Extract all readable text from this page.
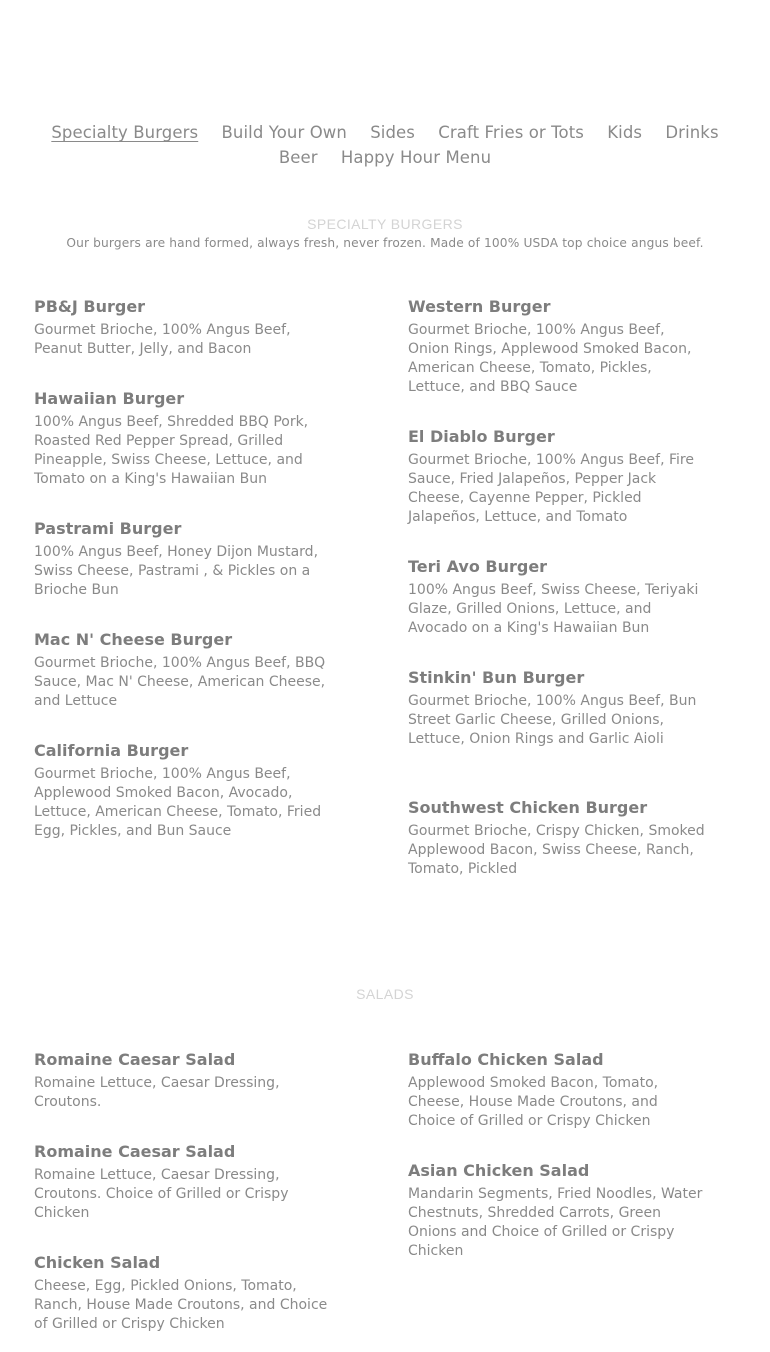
Specialty Burgers Build Your Own Sides Craft Fries or Tots Kids Drinks
Beer Happy Hour Menu
SPECIALTY BURGERS
Our burgers are hand formed, always fresh, never frozen. Made of 100% USDA top choice angus beef.
PB&J Burger

Gourmet Brioche, 100% Angus Beef, Peanut Butter, Jelly, and Bacon

Hawaiian Burger

100% Angus Beef, Shredded BBQ Pork, Roasted Red Pepper Spread, Grilled Pineapple, Swiss Cheese, Lettuce, and Tomato on a King's Hawaiian Bun

Pastrami Burger

100% Angus Beef, Honey Dijon Mustard, Swiss Cheese, Pastrami , & Pickles on a Brioche Bun

Mac N' Cheese Burger

Gourmet Brioche, 100% Angus Beef, BBQ Sauce, Mac N' Cheese, American Cheese, and Lettuce

California Burger

Gourmet Brioche, 100% Angus Beef, Applewood Smoked Bacon, Avocado, Lettuce, American Cheese, Tomato, Fried Egg, Pickles, and Bun Sauce

Western Burger

Gourmet Brioche, 100% Angus Beef, Onion Rings, Applewood Smoked Bacon, American Cheese, Tomato, Pickles, Lettuce, and BBQ Sauce

El Diablo Burger

Gourmet Brioche, 100% Angus Beef, Fire Sauce, Fried Jalapeños, Pepper Jack Cheese, Cayenne Pepper, Pickled Jalapeños, Lettuce, and Tomato

Teri Avo Burger

100% Angus Beef, Swiss Cheese, Teriyaki Glaze, Grilled Onions, Lettuce, and Avocado on a King's Hawaiian Bun

Stinkin' Bun Burger

Gourmet Brioche, 100% Angus Beef, Bun Street Garlic Cheese, Grilled Onions, Lettuce, Onion Rings and Garlic Aioli

Southwest Chicken Burger

Gourmet Brioche, Crispy Chicken, Smoked Applewood Bacon, Swiss Cheese, Ranch, Tomato, Pickled

SALADS
Romaine Caesar Salad

Romaine Lettuce, Caesar Dressing, Croutons.

Romaine Caesar Salad

Romaine Lettuce, Caesar Dressing, Croutons. Choice of Grilled or Crispy Chicken

Chicken Salad

Cheese, Egg, Pickled Onions, Tomato, Ranch, House Made Croutons, and Choice of Grilled or Crispy Chicken

Buffalo Chicken Salad

Applewood Smoked Bacon, Tomato, Cheese, House Made Croutons, and Choice of Grilled or Crispy Chicken

Asian Chicken Salad

Mandarin Segments, Fried Noodles, Water Chestnuts, Shredded Carrots, Green Onions and Choice of Grilled or Crispy Chicken
